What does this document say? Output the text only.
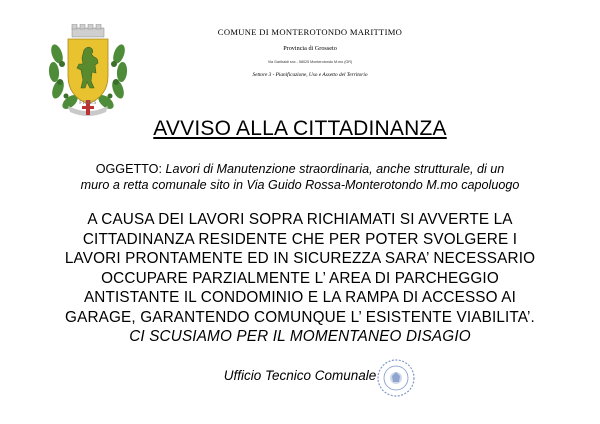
FIDES
COMUNE DI MONTEROTONDO MARITTIMO
Provincia di Grosseto
Via Garibaldi snc - 58025 Monterotondo M.mo (GR)
Settore 3 - Pianificazione, Uso e Assetto del Territorio
AVVISO ALLA CITTADINANZA
OGGETTO: Lavori di Manutenzione straordinaria, anche strutturale, di un
muro a retta comunale sito in Via Guido Rossa-Monterotondo M.mo capoluogo
A CAUSA DEI LAVORI SOPRA RICHIAMATI SI AVVERTE LA
CITTADINANZA RESIDENTE CHE PER POTER SVOLGERE I
LAVORI PRONTAMENTE ED IN SICUREZZA SARA’ NECESSARIO
OCCUPARE PARZIALMENTE L’ AREA DI PARCHEGGIO
ANTISTANTE IL CONDOMINIO E LA RAMPA DI ACCESSO AI
GARAGE, GARANTENDO COMUNQUE L’ ESISTENTE VIABILITA’.
CI SCUSIAMO PER IL MOMENTANEO DISAGIO
Ufficio Tecnico Comunale
